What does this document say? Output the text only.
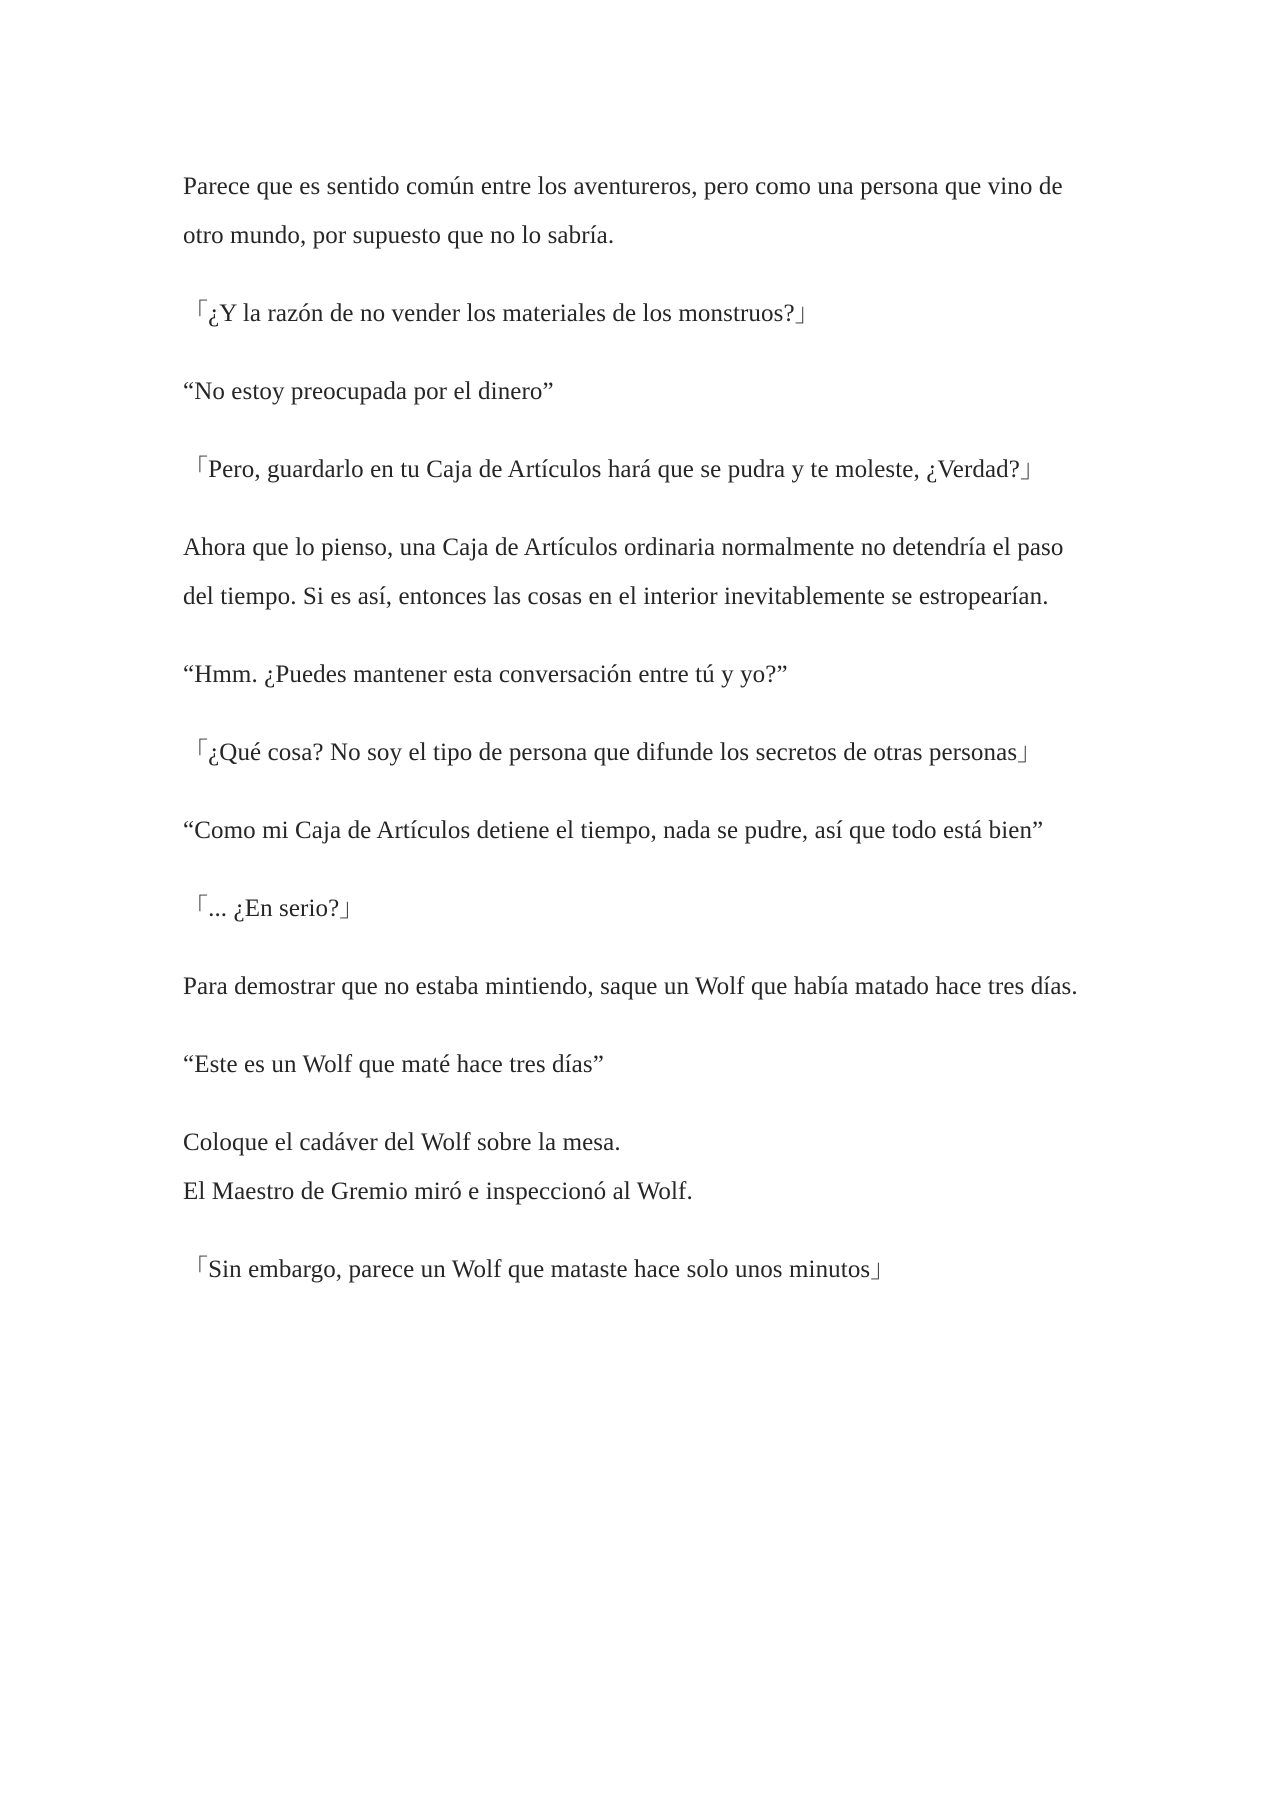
Parece que es sentido común entre los aventureros, pero como una persona que vino de otro mundo, por supuesto que no lo sabría.

「¿Y la razón de no vender los materiales de los monstruos?」

“No estoy preocupada por el dinero”

「Pero, guardarlo en tu Caja de Artículos hará que se pudra y te moleste, ¿Verdad?」

Ahora que lo pienso, una Caja de Artículos ordinaria normalmente no detendría el paso del tiempo. Si es así, entonces las cosas en el interior inevitablemente se estropearían.

“Hmm. ¿Puedes mantener esta conversación entre tú y yo?”

「¿Qué cosa? No soy el tipo de persona que difunde los secretos de otras personas」

“Como mi Caja de Artículos detiene el tiempo, nada se pudre, así que todo está bien”

「... ¿En serio?」

Para demostrar que no estaba mintiendo, saque un Wolf que había matado hace tres días.

“Este es un Wolf que maté hace tres días”

Coloque el cadáver del Wolf sobre la mesa.

El Maestro de Gremio miró e inspeccionó al Wolf.

「Sin embargo, parece un Wolf que mataste hace solo unos minutos」
